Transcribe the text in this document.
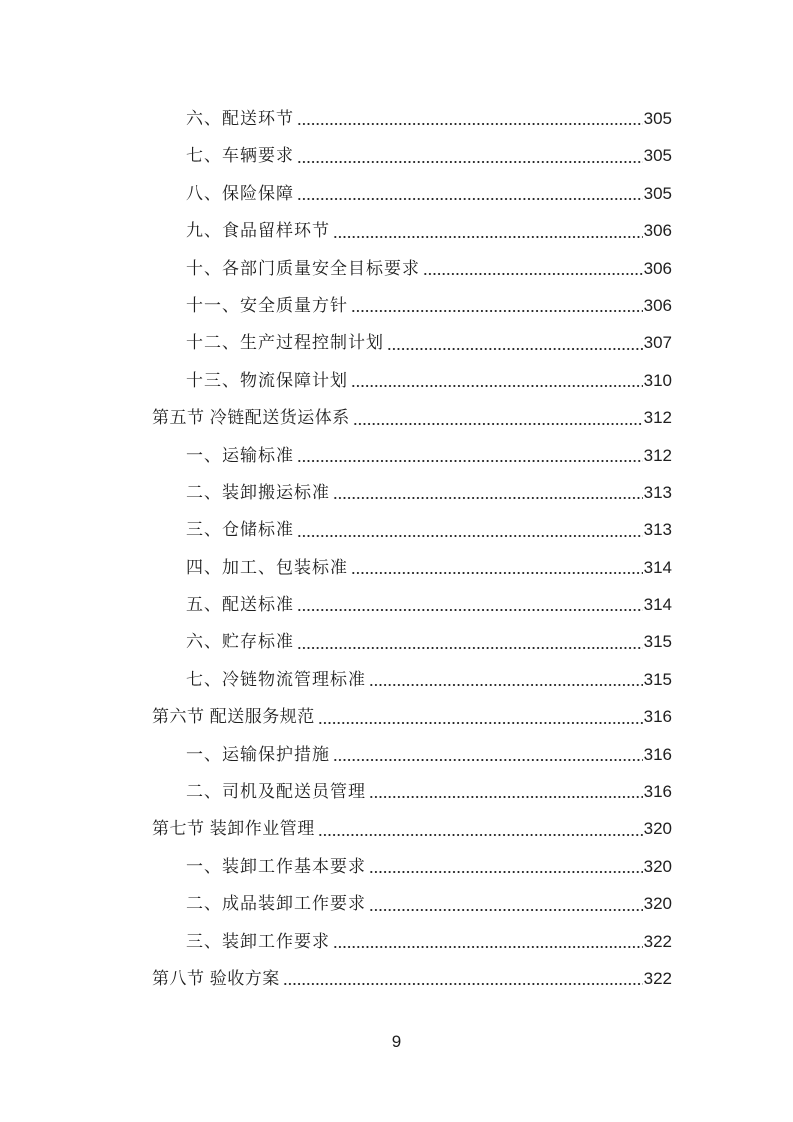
六、配送环节	305
七、车辆要求	305
八、保险保障	305
九、食品留样环节	306
十、各部门质量安全目标要求	306
十一、安全质量方针	306
十二、生产过程控制计划	307
十三、物流保障计划	310
第五节 冷链配送货运体系	312
一、运输标准	312
二、装卸搬运标准	313
三、仓储标准	313
四、加工、包装标准	314
五、配送标准	314
六、贮存标准	315
七、冷链物流管理标准	315
第六节 配送服务规范	316
一、运输保护措施	316
二、司机及配送员管理	316
第七节 装卸作业管理	320
一、装卸工作基本要求	320
二、成品装卸工作要求	320
三、装卸工作要求	322
第八节 验收方案	322
9
